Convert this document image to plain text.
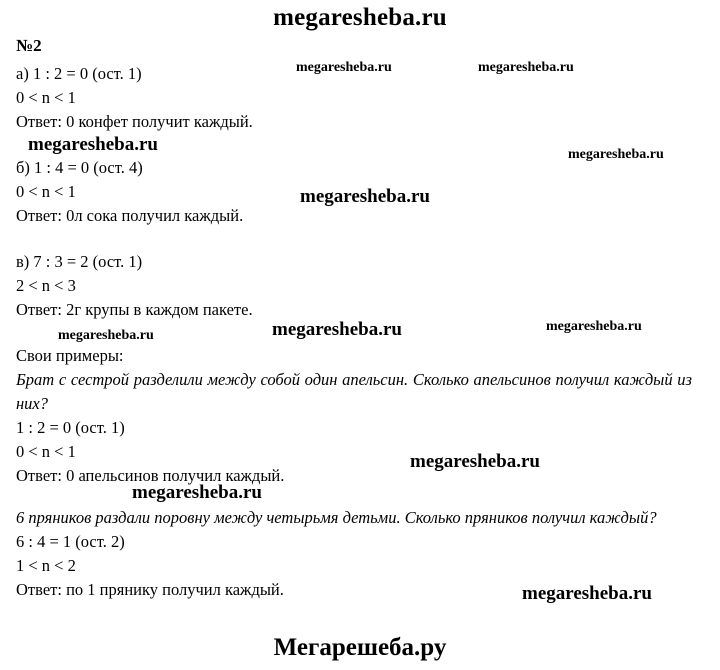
megaresheba.ru
№2

а) 1 : 2 = 0 (ост. 1)

0 < n < 1

Ответ: 0 конфет получит каждый.

б) 1 : 4 = 0 (ост. 4)

0 < n < 1

Ответ: 0л сока получил каждый.

в) 7 : 3 = 2 (ост. 1)

2 < n < 3

Ответ: 2г крупы в каждом пакете.

Свои примеры:

Брат с сестрой разделили между собой один апельсин. Сколько апельсинов получил каждый из них?

1 : 2 = 0 (ост. 1)

0 < n < 1

Ответ: 0 апельсинов получил каждый.

6 пряников раздали поровну между четырьмя детьми. Сколько пряников получил каждый?

6 : 4 = 1 (ост. 2)

1 < n < 2

Ответ: по 1 прянику получил каждый.

Мегарешеба.ру
megaresheba.ru	megaresheba.ru
megaresheba.ru	megaresheba.ru
megaresheba.ru
megaresheba.ru	megaresheba.ru	megaresheba.ru
megaresheba.ru
megaresheba.ru
megaresheba.ru
